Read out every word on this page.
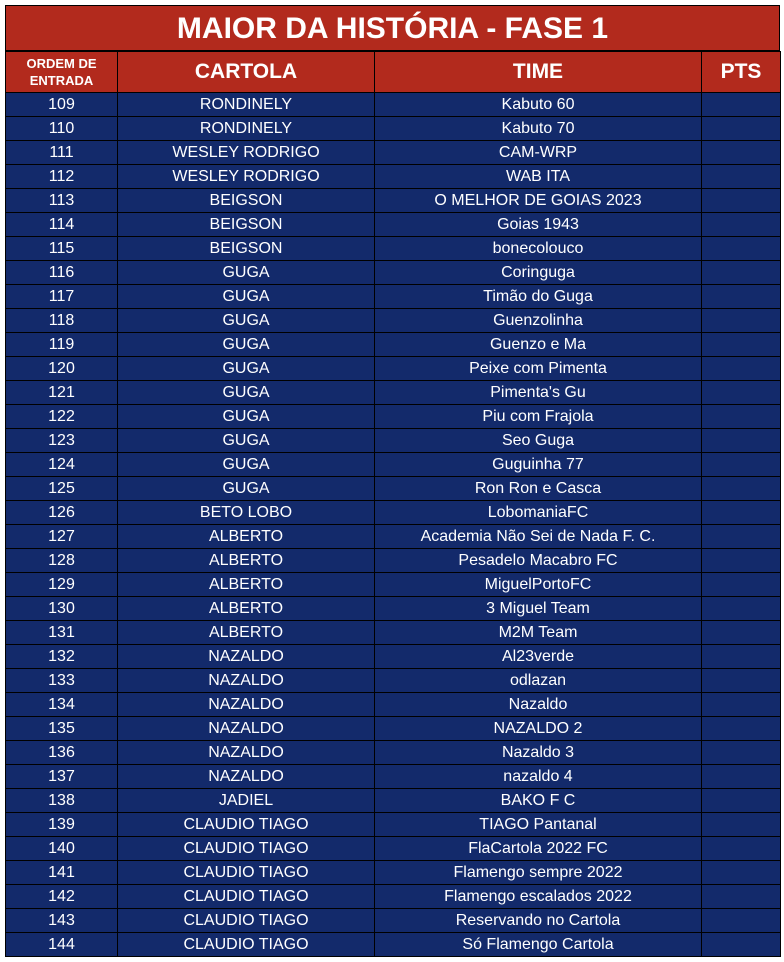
MAIOR DA HISTÓRIA - FASE 1
ORDEM DE
ENTRADA	CARTOLA	TIME	PTS
109	RONDINELY	Kabuto 60	
110	RONDINELY	Kabuto 70	
111	WESLEY RODRIGO	CAM-WRP	
112	WESLEY RODRIGO	WAB ITA	
113	BEIGSON	O MELHOR DE GOIAS 2023	
114	BEIGSON	Goias 1943	
115	BEIGSON	bonecolouco	
116	GUGA	Coringuga	
117	GUGA	Timão do Guga	
118	GUGA	Guenzolinha	
119	GUGA	Guenzo e Ma	
120	GUGA	Peixe com Pimenta	
121	GUGA	Pimenta's Gu	
122	GUGA	Piu com Frajola	
123	GUGA	Seo Guga	
124	GUGA	Guguinha 77	
125	GUGA	Ron Ron e Casca	
126	BETO LOBO	LobomaniaFC	
127	ALBERTO	Academia Não Sei de Nada F. C.	
128	ALBERTO	Pesadelo Macabro FC	
129	ALBERTO	MiguelPortoFC	
130	ALBERTO	3 Miguel Team	
131	ALBERTO	M2M Team	
132	NAZALDO	Al23verde	
133	NAZALDO	odlazan	
134	NAZALDO	Nazaldo	
135	NAZALDO	NAZALDO 2	
136	NAZALDO	Nazaldo 3	
137	NAZALDO	nazaldo 4	
138	JADIEL	BAKO F C	
139	CLAUDIO TIAGO	TIAGO Pantanal	
140	CLAUDIO TIAGO	FlaCartola 2022 FC	
141	CLAUDIO TIAGO	Flamengo sempre 2022	
142	CLAUDIO TIAGO	Flamengo escalados 2022	
143	CLAUDIO TIAGO	Reservando no Cartola	
144	CLAUDIO TIAGO	Só Flamengo Cartola	
